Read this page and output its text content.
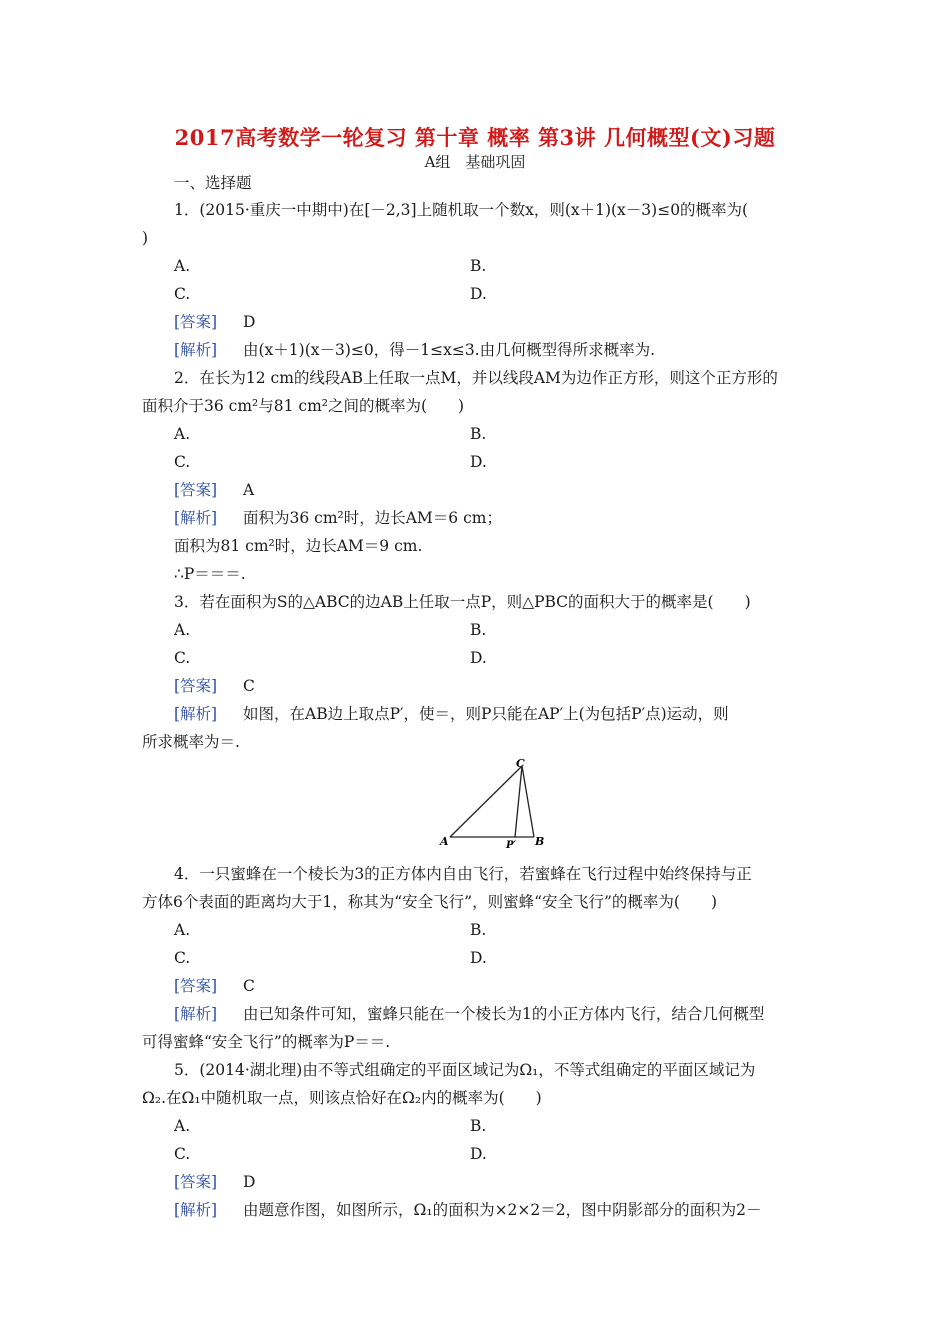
2017高考数学一轮复习 第十章 概率 第3讲 几何概型(文)习题
A组　基础巩固
一、选择题
1．(2015·重庆一中期中)在[－2,3]上随机取一个数x，则(x＋1)(x－3)≤0的概率为(
)
A.	B.
C.	D.
[答案] D
[解析] 由(x＋1)(x－3)≤0，得－1≤x≤3.由几何概型得所求概率为.
2．在长为12 cm的线段AB上任取一点M，并以线段AM为边作正方形，则这个正方形的
面积介于36 cm²与81 cm²之间的概率为(　　)
A.	B.
C.	D.
[答案] A
[解析] 面积为36 cm²时，边长AM＝6 cm；
面积为81 cm²时，边长AM＝9 cm.
∴P＝＝＝.
3．若在面积为S的△ABC的边AB上任取一点P，则△PBC的面积大于的概率是(　　)
A.	B.
C.	D.
[答案] C
[解析] 如图，在AB边上取点P′，使＝，则P只能在AP′上(为包括P′点)运动，则
所求概率为＝.
4．一只蜜蜂在一个棱长为3的正方体内自由飞行，若蜜蜂在飞行过程中始终保持与正
方体6个表面的距离均大于1，称其为“安全飞行”，则蜜蜂“安全飞行”的概率为(　　)
A.	B.
C.	D.
[答案] C
[解析] 由已知条件可知，蜜蜂只能在一个棱长为1的小正方体内飞行，结合几何概型
可得蜜蜂“安全飞行”的概率为P＝＝.
5．(2014·湖北理)由不等式组确定的平面区域记为Ω₁，不等式组确定的平面区域记为
Ω₂.在Ω₁中随机取一点，则该点恰好在Ω₂内的概率为(　　)
A.	B.
C.	D.
[答案] D
[解析] 由题意作图，如图所示，Ω₁的面积为×2×2＝2，图中阴影部分的面积为2－
A	B
C
P′
